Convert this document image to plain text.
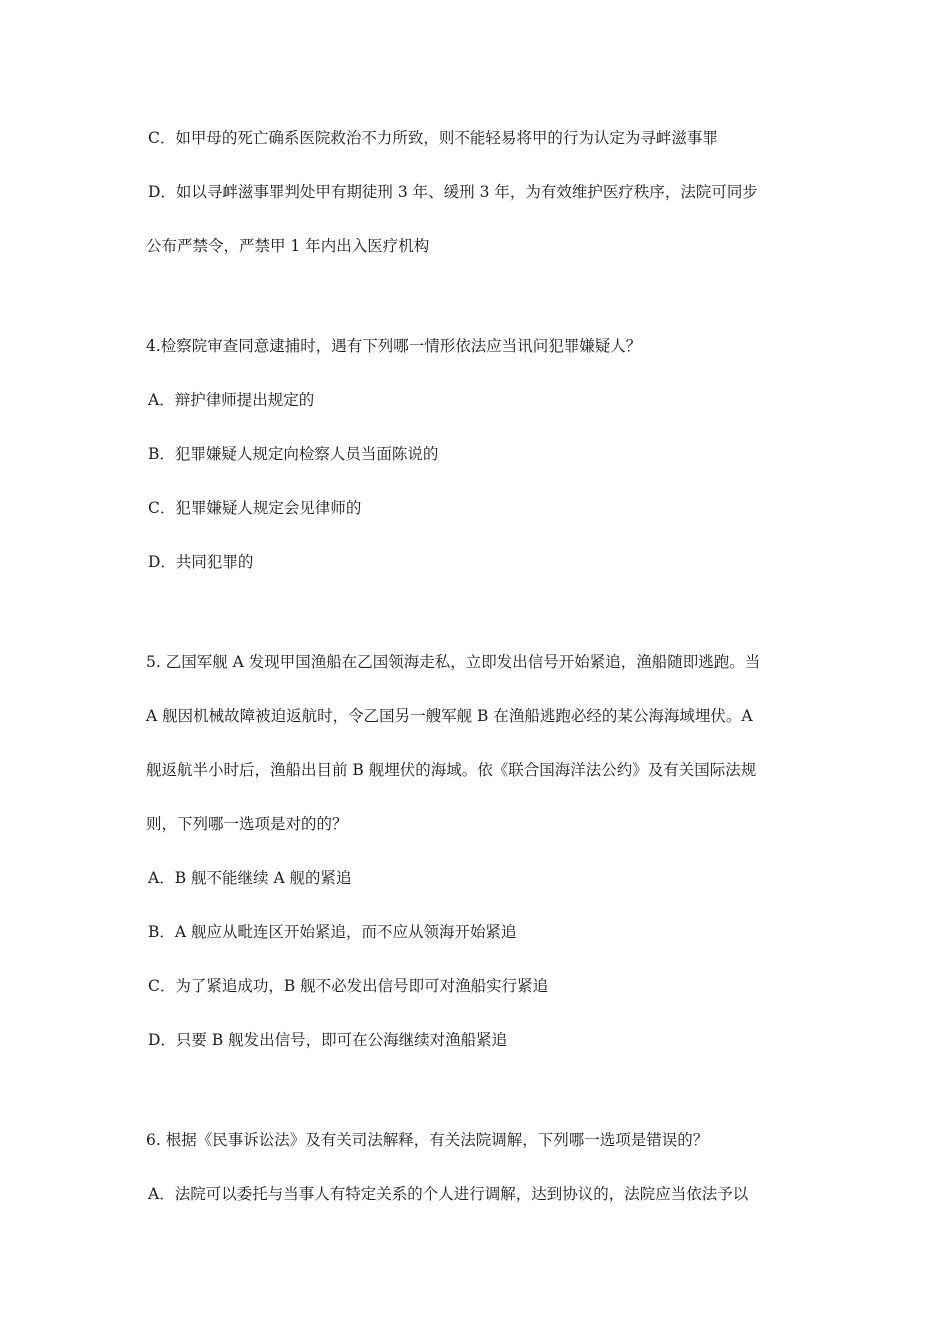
C．如甲母的死亡确系医院救治不力所致，则不能轻易将甲的行为认定为寻衅滋事罪
D．如以寻衅滋事罪判处甲有期徒刑 3 年、缓刑 3 年，为有效维护医疗秩序，法院可同步
公布严禁令，严禁甲 1 年内出入医疗机构
4.检察院审查同意逮捕时，遇有下列哪一情形依法应当讯问犯罪嫌疑人？
A．辩护律师提出规定的
B．犯罪嫌疑人规定向检察人员当面陈说的
C．犯罪嫌疑人规定会见律师的
D．共同犯罪的
5. 乙国军舰 A 发现甲国渔船在乙国领海走私，立即发出信号开始紧追，渔船随即逃跑。当
A 舰因机械故障被迫返航时，令乙国另一艘军舰 B 在渔船逃跑必经的某公海海域埋伏。A
舰返航半小时后，渔船出目前 B 舰埋伏的海域。依《联合国海洋法公约》及有关国际法规
则，下列哪一选项是对的的？
A．B 舰不能继续 A 舰的紧追
B．A 舰应从毗连区开始紧追，而不应从领海开始紧追
C．为了紧追成功，B 舰不必发出信号即可对渔船实行紧追
D．只要 B 舰发出信号，即可在公海继续对渔船紧追
6. 根据《民事诉讼法》及有关司法解释，有关法院调解，下列哪一选项是错误的？
A．法院可以委托与当事人有特定关系的个人进行调解，达到协议的，法院应当依法予以
